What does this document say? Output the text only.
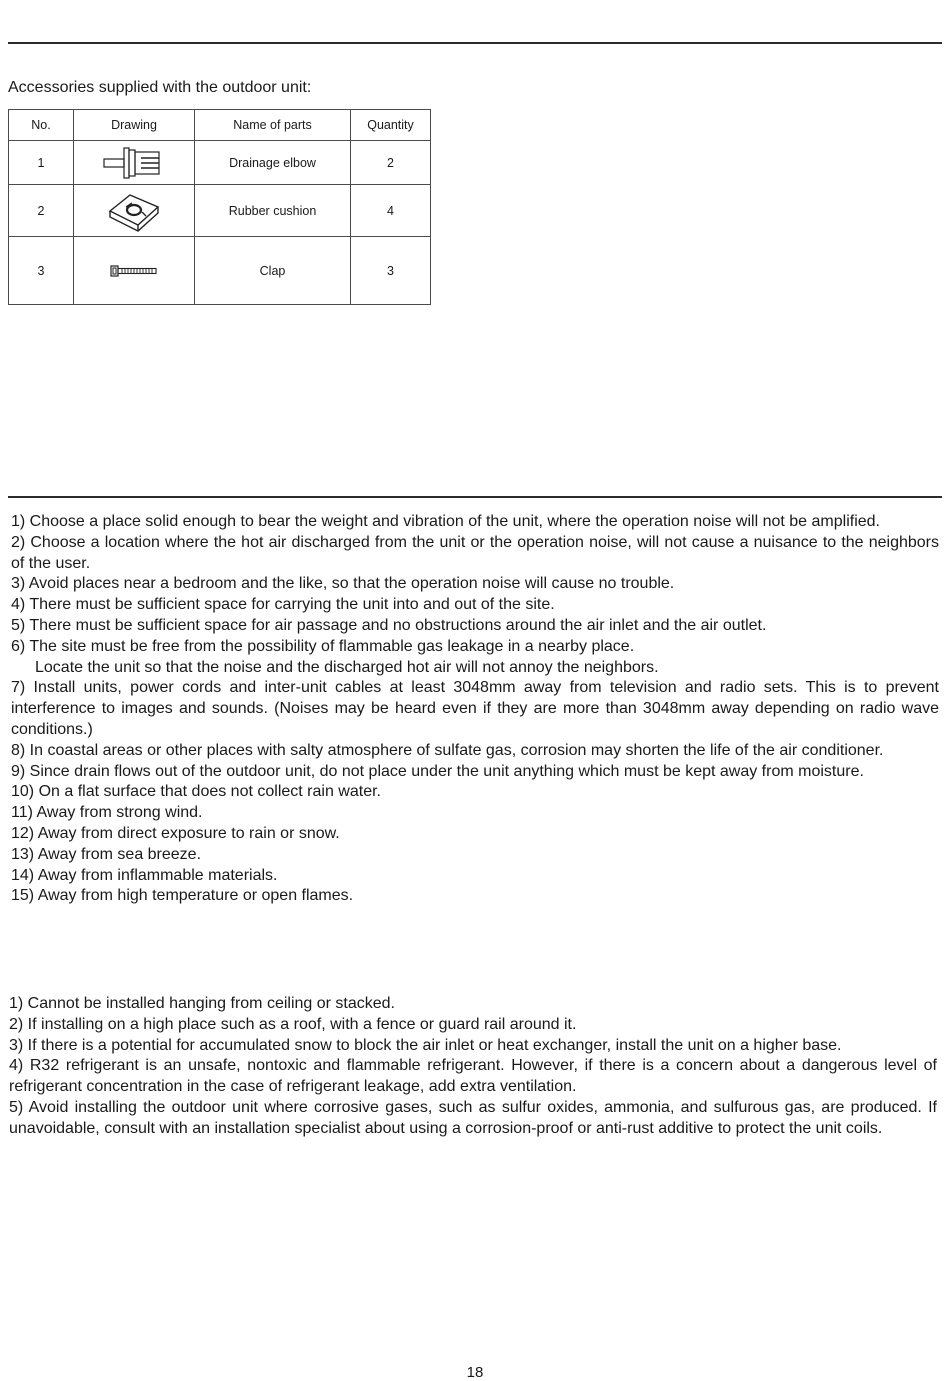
Accessories supplied with the outdoor unit:
No.	Drawing	Name of parts	Quantity
1		Drainage elbow	2
2		Rubber cushion	4
3		Clap	3

1) Choose a place solid enough to bear the weight and vibration of the unit, where the operation noise will not be amplified.

2) Choose a location where the hot air discharged from the unit or the operation noise, will not cause a nuisance to the neighbors of the user.

3) Avoid places near a bedroom and the like, so that the operation noise will cause no trouble.

4) There must be sufficient space for carrying the unit into and out of the site.

5) There must be sufficient space for air passage and no obstructions around the air inlet and the air outlet.

6) The site must be free from the possibility of flammable gas leakage in a nearby place.

Locate the unit so that the noise and the discharged hot air will not annoy the neighbors.

7) Install units, power cords and inter-unit cables at least 3048mm away from television and radio sets. This is to prevent interference to images and sounds. (Noises may be heard even if they are more than 3048mm away depending on radio wave conditions.)

8) In coastal areas or other places with salty atmosphere of sulfate gas, corrosion may shorten the life of the air conditioner.

9) Since drain flows out of the outdoor unit, do not place under the unit anything which must be kept away from moisture.

10) On a flat surface that does not collect rain water.

11) Away from strong wind.

12) Away from direct exposure to rain or snow.

13) Away from sea breeze.

14) Away from inflammable materials.

15) Away from high temperature or open flames.

1) Cannot be installed hanging from ceiling or stacked.

2) If installing on a high place such as a roof, with a fence or guard rail around it.

3) If there is a potential for accumulated snow to block the air inlet or heat exchanger, install the unit on a higher base.

4) R32 refrigerant is an unsafe, nontoxic and flammable refrigerant. However, if there is a concern about a dangerous level of refrigerant concentration in the case of refrigerant leakage, add extra ventilation.

5) Avoid installing the outdoor unit where corrosive gases, such as sulfur oxides, ammonia, and sulfurous gas, are produced. If unavoidable, consult with an installation specialist about using a corrosion-proof or anti-rust additive to protect the unit coils.

18
